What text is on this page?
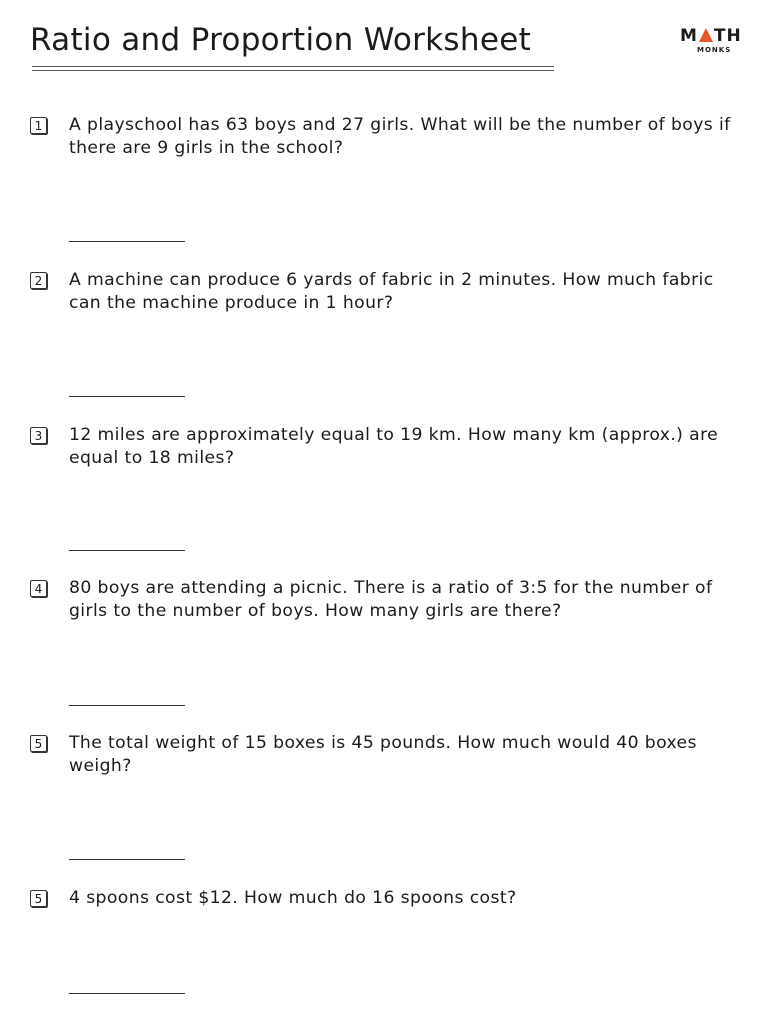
Ratio and Proportion Worksheet	M TH
MONKS
1 A playschool has 63 boys and 27 girls. What will be the number of boys if there are 9 girls in the school?
2 A machine can produce 6 yards of fabric in 2 minutes. How much fabric can the machine produce in 1 hour?
3 12 miles are approximately equal to 19 km. How many km (approx.) are equal to 18 miles?
4 80 boys are attending a picnic. There is a ratio of 3:5 for the number of girls to the number of boys. How many girls are there?
5 The total weight of 15 boxes is 45 pounds. How much would 40 boxes weigh?
5 4 spoons cost $12. How much do 16 spoons cost?
